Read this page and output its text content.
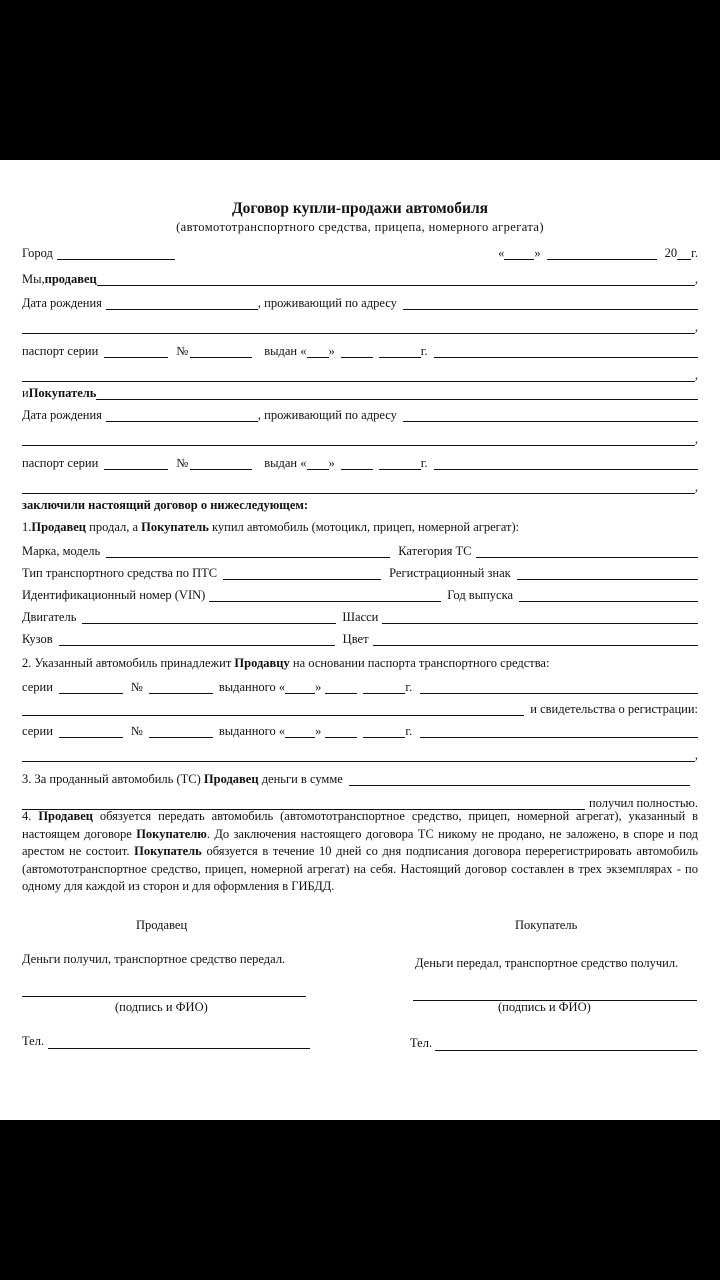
Договор купли-продажи автомобиля
(автомототранспортного средства, прицепа, номерного агрегата)
Город	« »	20 г.
Мы, продавец	,
Дата рождения	, проживающий по адресу
,
паспорт серии	№	выдан « »	г.
,
и Покупатель
Дата рождения	, проживающий по адресу
,
паспорт серии	№	выдан « »	г.
,
заключили настоящий договор о нижеследующем:
1. Продавец продал, а Покупатель купил автомобиль (мотоцикл, прицеп, номерной агрегат):
Марка, модель	Категория ТС
Тип транспортного средства по ПТС	Регистрационный знак
Идентификационный номер (VIN)	Год выпуска
Двигатель	Шасси
Кузов	Цвет
2. Указанный автомобиль принадлежит Продавцу на основании паспорта транспортного средства:
серии	№	выданного « »	г.
и свидетельства о регистрации:
серии	№	выданного « »	г.
,
3. За проданный автомобиль (ТС) Продавец деньги в сумме
получил полностью.
4. Продавец обязуется передать автомобиль (автомототранспортное средство, прицеп, номерной агрегат), указанный в настоящем договоре Покупателю. До заключения настоящего договора ТС никому не продано, не заложено, в споре и под арестом не состоит. Покупатель обязуется в течение 10 дней со дня подписания договора перерегистрировать автомобиль (автомототранспортное средство, прицеп, номерной агрегат) на себя. Настоящий договор составлен в трех экземплярах - по одному для каждой из сторон и для оформления в ГИБДД.
Продавец	Покупатель
Деньги получил, транспортное средство передал.	Деньги передал, транспортное средство получил.
(подпись и ФИО)	(подпись и ФИО)
Тел.	Тел.
